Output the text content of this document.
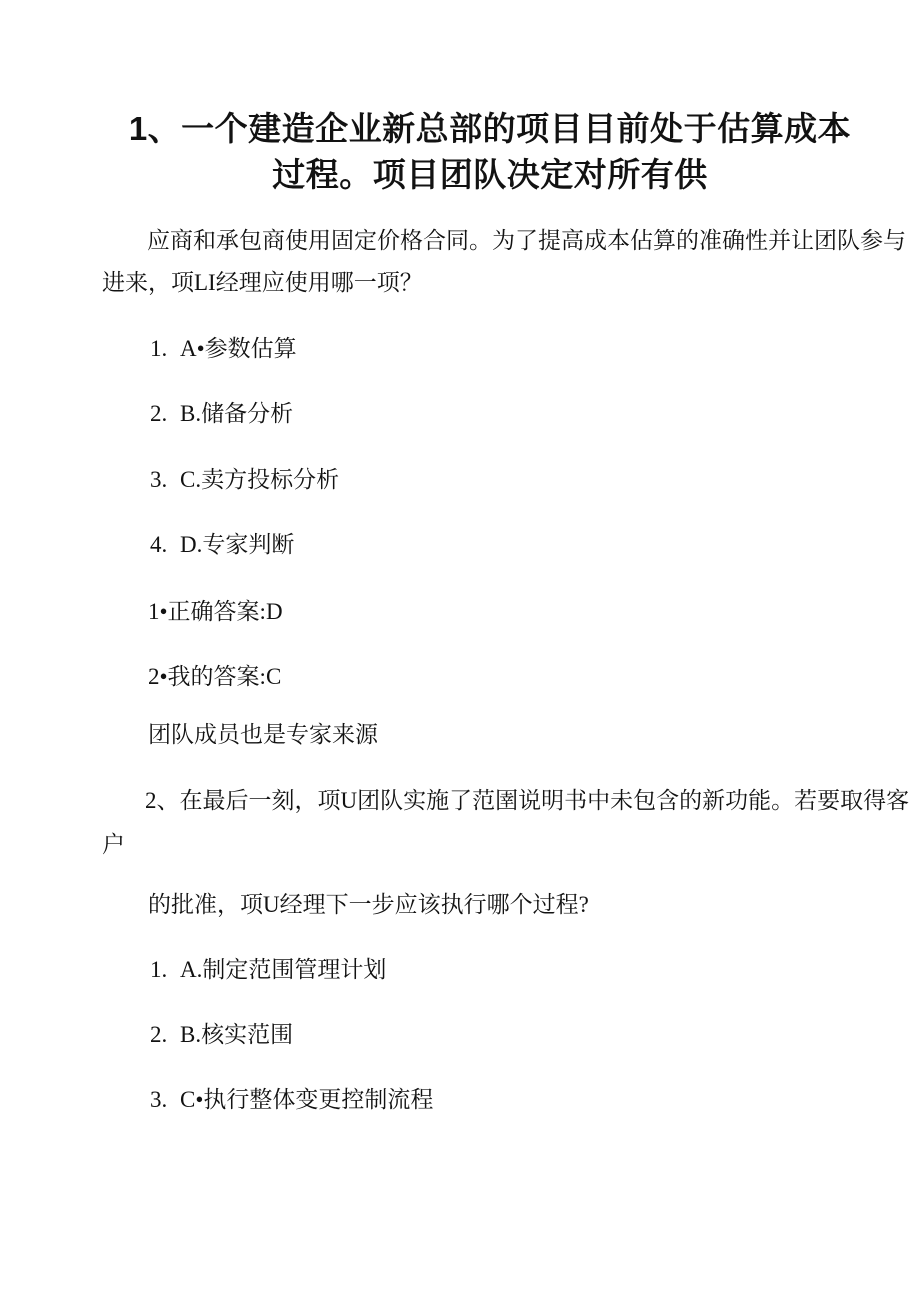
1、一个建造企业新总部的项目目前处于估算成本
过程。项目团队决定对所有供
应商和承包商使用固定价格合同。为了提高成本佔算的准确性并让团队参与
进来，项LI经理应使用哪一项？
1. A•参数估算
2. B.储备分析
3. C.卖方投标分析
4. D.专家判断
1•正确答案:D
2•我的答案:C
团队成员也是专家来源
2、在最后一刻，项U团队实施了范圉说明书中未包含的新功能。若要取得客
户
的批准，项U经理下一步应该执行哪个过程?
1. A.制定范围管理计划
2. B.核实范围
3. C•执行整体变更控制流程
